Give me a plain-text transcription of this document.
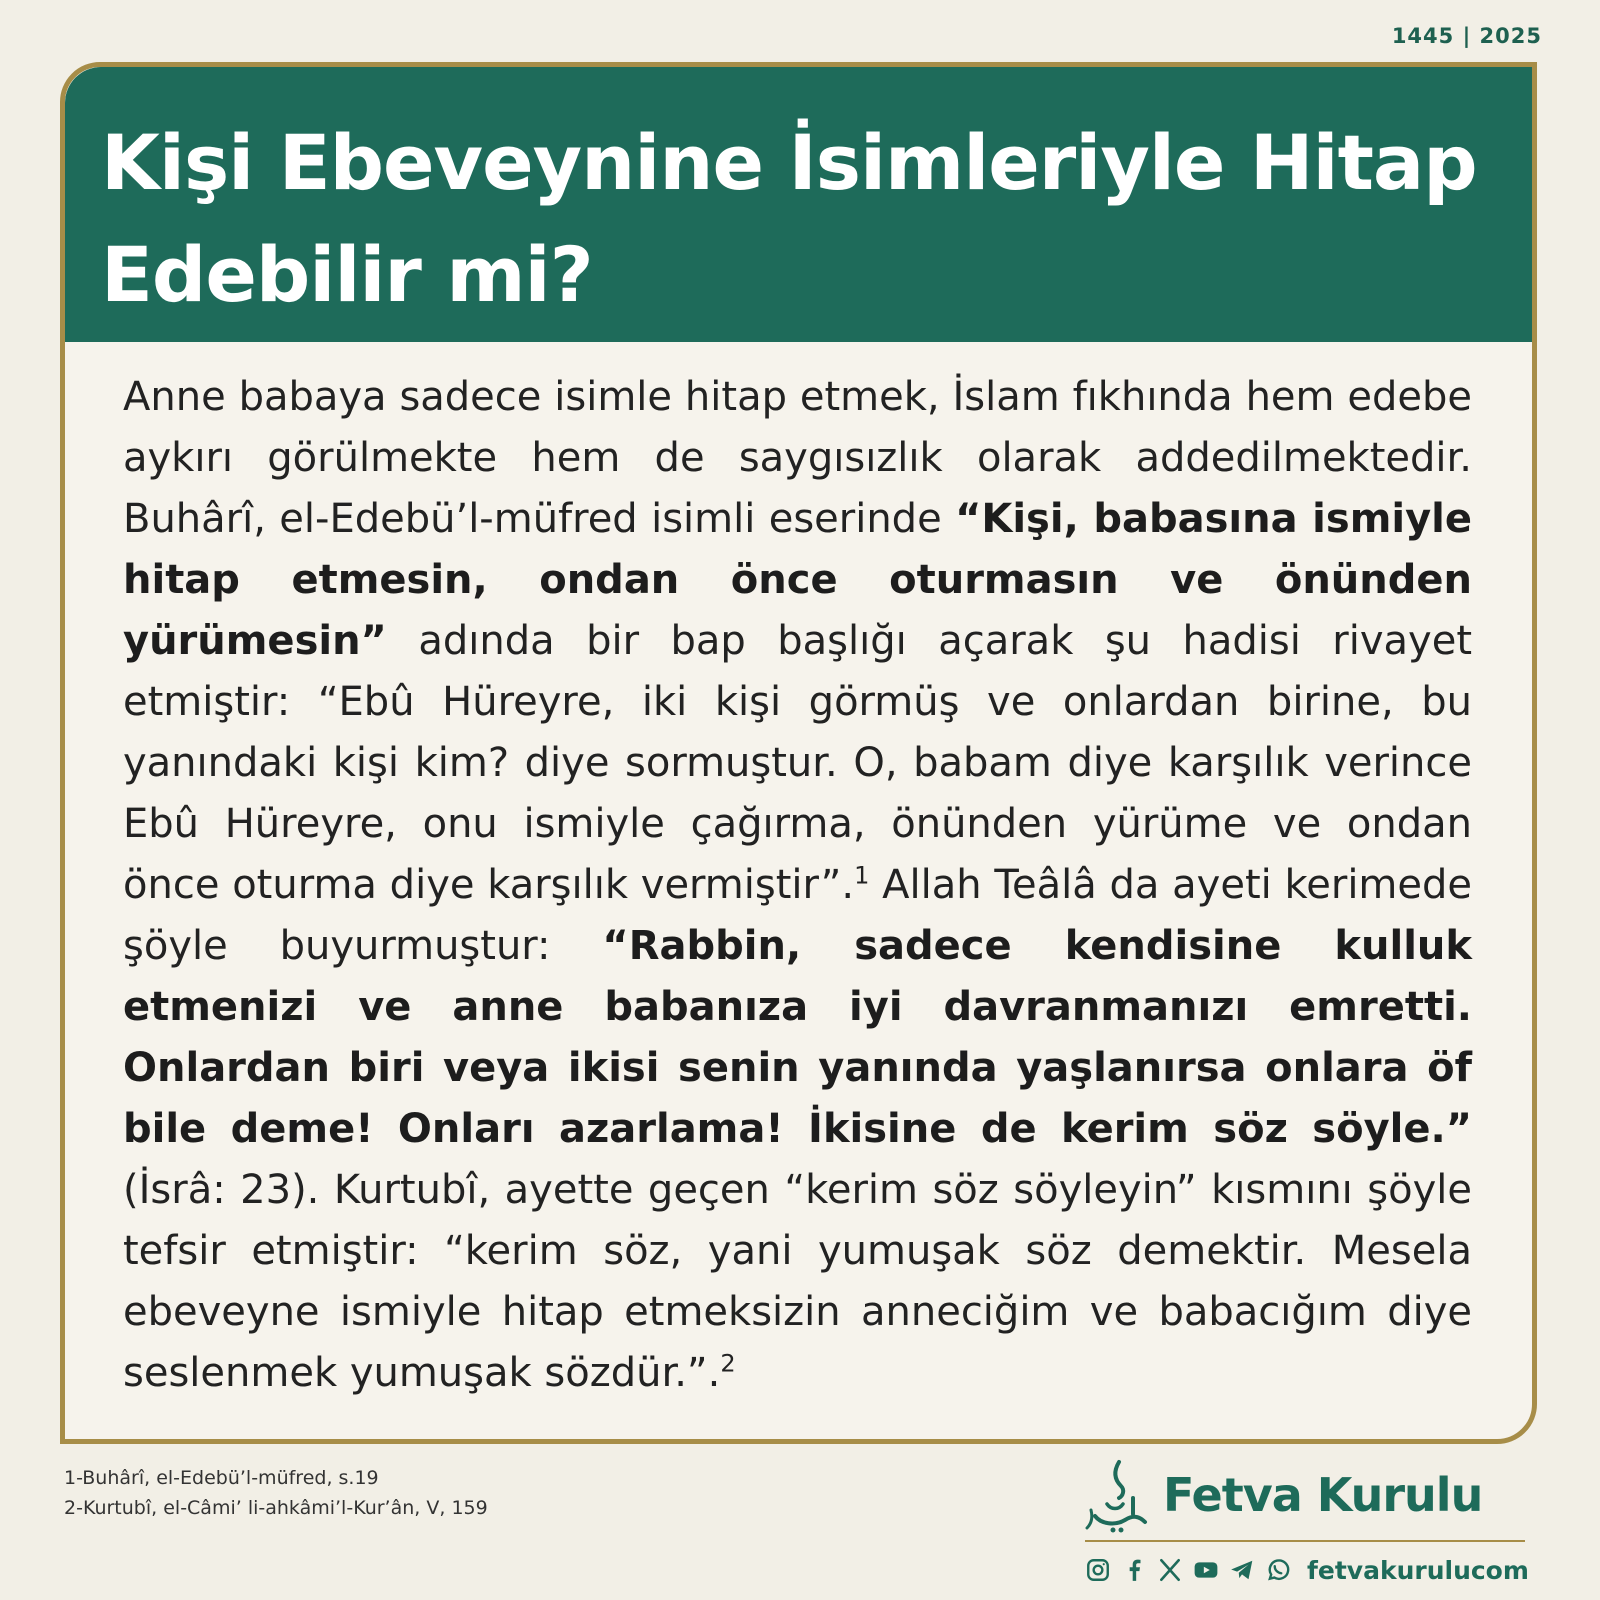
1445 | 2025
Kişi Ebeveynine İsimleriyle Hitap Edebilir mi?

Anne babaya sadece isimle hitap etmek, İslam fıkhında hem edebe aykırı görülmekte hem de saygısızlık olarak addedilmektedir. Buhârî, el-Edebü’l-müfred isimli eserinde “Kişi, babasına ismiyle hitap etmesin, ondan önce oturmasın ve önünden yürümesin” adında bir bap başlığı açarak şu hadisi rivayet etmiştir: “Ebû Hüreyre, iki kişi görmüş ve onlardan birine, bu yanındaki kişi kim? diye sormuştur. O, babam diye karşılık verince Ebû Hüreyre, onu ismiyle çağırma, önünden yürüme ve ondan önce oturma diye karşılık vermiştir”.$^1$ Allah Teâlâ da ayeti kerimede şöyle buyurmuştur: “Rabbin, sadece kendisine kulluk etmenizi ve anne babanıza iyi davranmanızı emretti. Onlardan biri veya ikisi senin yanında yaşlanırsa onlara öf bile deme! Onları azarlama! İkisine de kerim söz söyle.” (İsrâ: 23). Kurtubî, ayette geçen “kerim söz söyleyin” kısmını şöyle tefsir etmiştir: “kerim söz, yani yumuşak söz demektir. Mesela ebeveyne ismiyle hitap etmeksizin anneciğim ve babacığım diye seslenmek yumuşak sözdür.”.$^2$

1-Buhârî, el-Edebü’l-müfred, s.19
2-Kurtubî, el-Câmi’ li-ahkâmi’l-Kur’ân, V, 159	Fetva Kurulu
fetvakurulucom
